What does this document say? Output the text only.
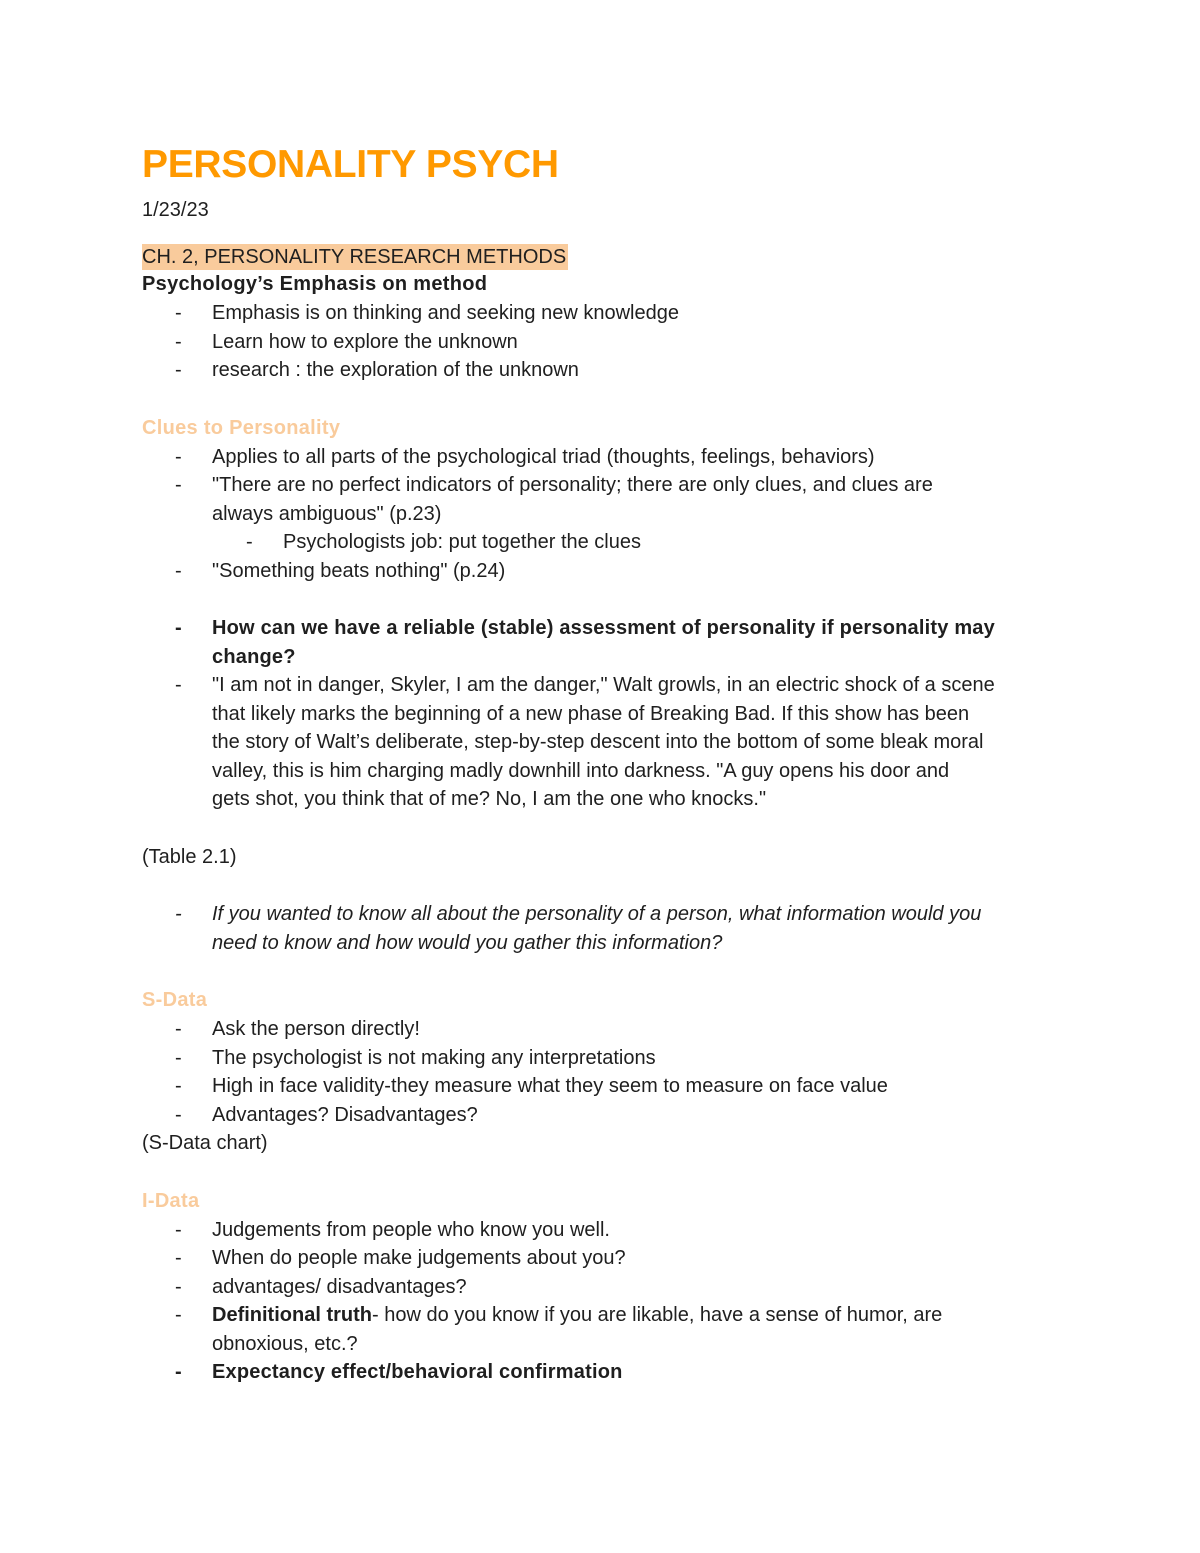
PERSONALITY PSYCH
1/23/23
CH. 2, PERSONALITY RESEARCH METHODS
Psychology’s Emphasis on method
- Emphasis is on thinking and seeking new knowledge
- Learn how to explore the unknown
- research : the exploration of the unknown
Clues to Personality
- Applies to all parts of the psychological triad (thoughts, feelings, behaviors)
- "There are no perfect indicators of personality; there are only clues, and clues are
always ambiguous" (p.23)
- Psychologists job: put together the clues
- "Something beats nothing" (p.24)
- How can we have a reliable (stable) assessment of personality if personality may
change?
- "I am not in danger, Skyler, I am the danger," Walt growls, in an electric shock of a scene
that likely marks the beginning of a new phase of Breaking Bad. If this show has been
the story of Walt’s deliberate, step-by-step descent into the bottom of some bleak moral
valley, this is him charging madly downhill into darkness. "A guy opens his door and
gets shot, you think that of me? No, I am the one who knocks."
(Table 2.1)
- If you wanted to know all about the personality of a person, what information would you
need to know and how would you gather this information?
S-Data
- Ask the person directly!
- The psychologist is not making any interpretations
- High in face validity-they measure what they seem to measure on face value
- Advantages? Disadvantages?
(S-Data chart)
I-Data
- Judgements from people who know you well.
- When do people make judgements about you?
- advantages/ disadvantages?
- Definitional truth- how do you know if you are likable, have a sense of humor, are
obnoxious, etc.?
- Expectancy effect/behavioral confirmation
